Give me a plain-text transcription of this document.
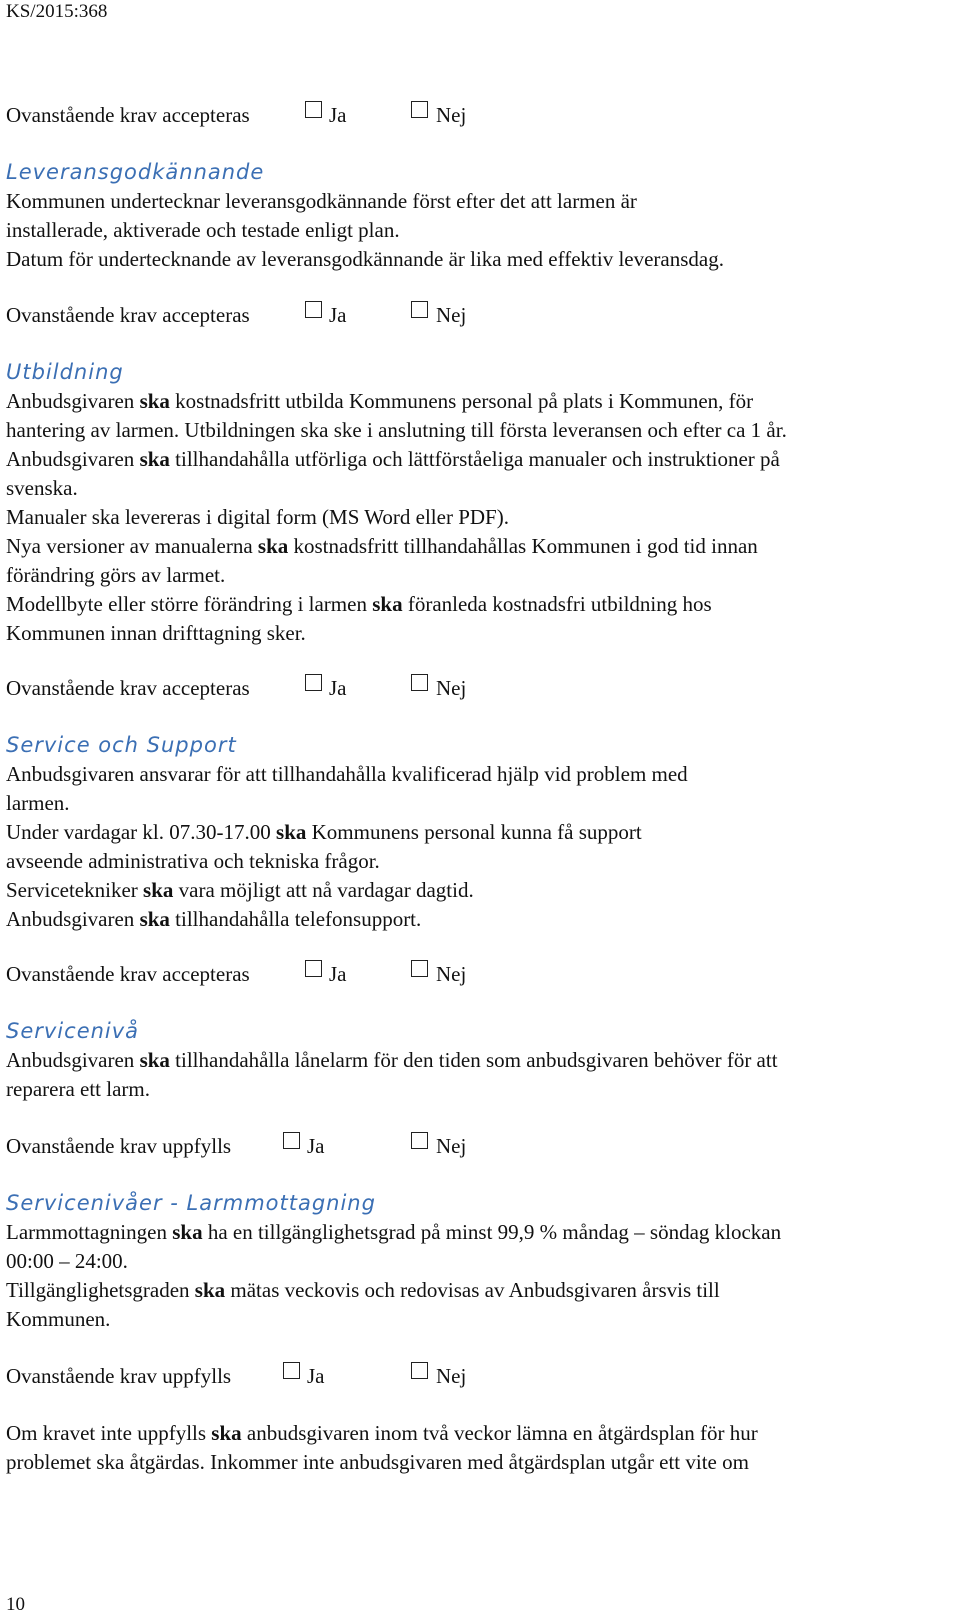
KS/2015:368
Ovanstående krav accepteras	Ja	Nej
Leveransgodkännande
Kommunen undertecknar leveransgodkännande först efter det att larmen är
installerade, aktiverade och testade enligt plan.
Datum för undertecknande av leveransgodkännande är lika med effektiv leveransdag.
Ovanstående krav accepteras	Ja	Nej
Utbildning
Anbudsgivaren ska kostnadsfritt utbilda Kommunens personal på plats i Kommunen, för
hantering av larmen. Utbildningen ska ske i anslutning till första leveransen och efter ca 1 år.
Anbudsgivaren ska tillhandahålla utförliga och lättförståeliga manualer och instruktioner på
svenska.
Manualer ska levereras i digital form (MS Word eller PDF).
Nya versioner av manualerna ska kostnadsfritt tillhandahållas Kommunen i god tid innan
förändring görs av larmet.
Modellbyte eller större förändring i larmen ska föranleda kostnadsfri utbildning hos
Kommunen innan drifttagning sker.
Ovanstående krav accepteras	Ja	Nej
Service och Support
Anbudsgivaren ansvarar för att tillhandahålla kvalificerad hjälp vid problem med
larmen.
Under vardagar kl. 07.30-17.00 ska Kommunens personal kunna få support
avseende administrativa och tekniska frågor.
Servicetekniker ska vara möjligt att nå vardagar dagtid.
Anbudsgivaren ska tillhandahålla telefonsupport.
Ovanstående krav accepteras	Ja	Nej
Servicenivå
Anbudsgivaren ska tillhandahålla lånelarm för den tiden som anbudsgivaren behöver för att
reparera ett larm.
Ovanstående krav uppfylls	Ja	Nej
Servicenivåer - Larmmottagning
Larmmottagningen ska ha en tillgänglighetsgrad på minst 99,9 % måndag – söndag klockan
00:00 – 24:00.
Tillgänglighetsgraden ska mätas veckovis och redovisas av Anbudsgivaren årsvis till
Kommunen.
Ovanstående krav uppfylls	Ja	Nej
Om kravet inte uppfylls ska anbudsgivaren inom två veckor lämna en åtgärdsplan för hur
problemet ska åtgärdas. Inkommer inte anbudsgivaren med åtgärdsplan utgår ett vite om
10
